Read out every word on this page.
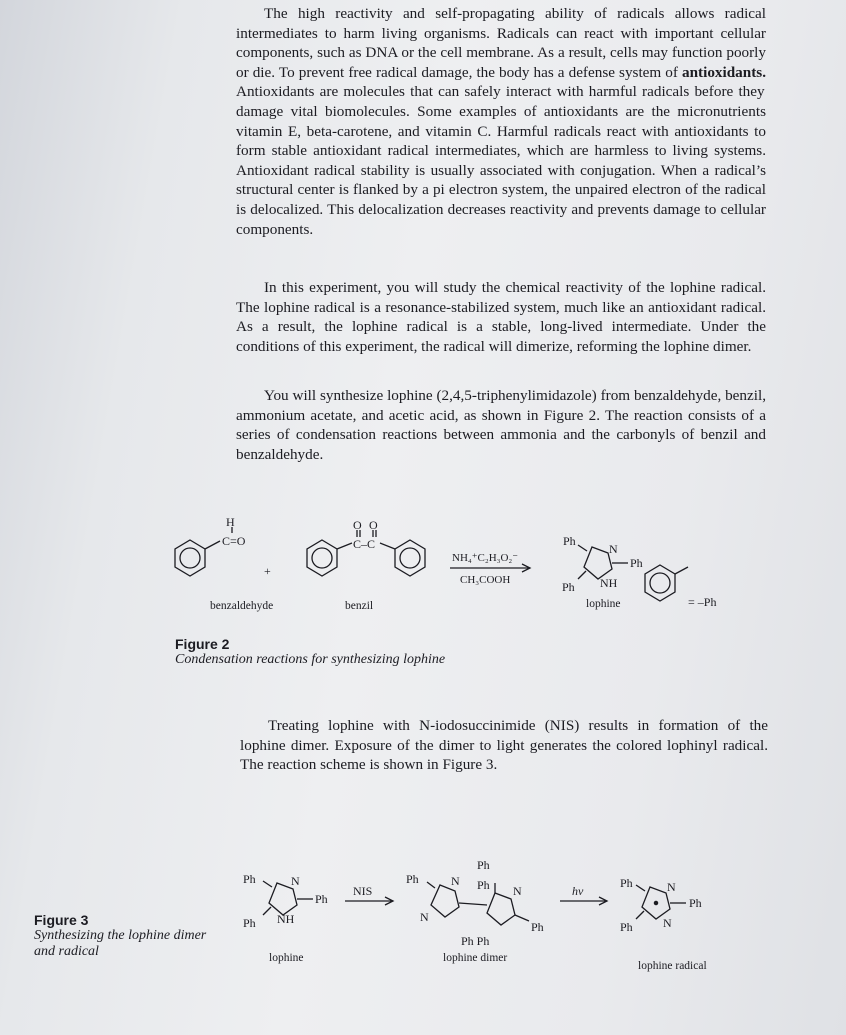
The high reactivity and self-propagating ability of radicals allows radical intermediates to harm living organisms. Radicals can react with important cellular components, such as DNA or the cell membrane. As a result, cells may function poorly or die. To prevent free radical damage, the body has a defense system of antioxidants. Antioxidants are molecules that can safely interact with harmful radicals before they damage vital biomolecules. Some examples of antioxidants are the micronutrients vitamin E, beta-carotene, and vitamin C. Harmful radicals react with antioxidants to form stable antioxidant radical intermediates, which are harmless to living systems. Antioxidant radical stability is usually associated with conjugation. When a radical’s structural center is flanked by a pi electron system, the unpaired electron of the radical is delocalized. This delocalization decreases reactivity and prevents damage to cellular components.

In this experiment, you will study the chemical reactivity of the lophine radical. The lophine radical is a resonance-stabilized system, much like an antioxidant radical. As a result, the lophine radical is a stable, long-lived intermediate. Under the conditions of this experiment, the radical will dimerize, reforming the lophine dimer.

You will synthesize lophine (2,4,5-triphenylimidazole) from benzaldehyde, benzil, ammonium acetate, and acetic acid, as shown in Figure 2. The reaction consists of a series of condensation reactions between ammonia and the carbonyls of benzil and benzaldehyde.

H
C=O
+
O O
C–C
NH₄⁺C₂H₃O₂⁻
CH₃COOH
Ph
N
Ph
Ph NH
benzaldehyde	benzil	lophine	= –Ph
Figure 2
Condensation reactions for synthesizing lophine

Treating lophine with N-iodosuccinimide (NIS) results in formation of the lophine dimer. Exposure of the dimer to light generates the colored lophinyl radical. The reaction scheme is shown in Figure 3.

Figure 3
Synthesizing the lophine dimer
and radical
Ph	N
Ph
Ph NH
NIS
Ph
Ph	N Ph N
N
Ph
Ph Ph
hν
Ph	N
Ph
Ph	N
lophine	lophine dimer
lophine radical
